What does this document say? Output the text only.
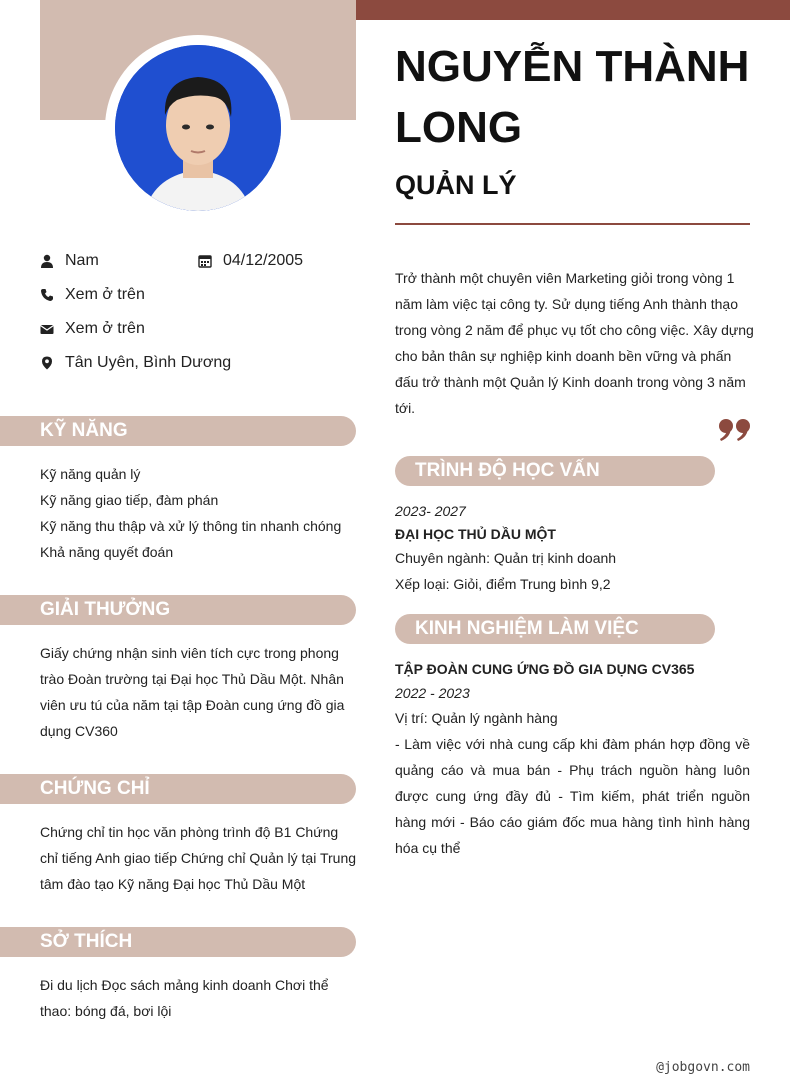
NGUYỄN THÀNH LONG
QUẢN LÝ
Nam	04/12/2005
Xem ở trên
Xem ở trên
Tân Uyên, Bình Dương
KỸ NĂNG
Kỹ năng quản lý
Kỹ năng giao tiếp, đàm phán
Kỹ năng thu thập và xử lý thông tin nhanh chóng
Khả năng quyết đoán
GIẢI THƯỞNG
Giấy chứng nhận sinh viên tích cực trong phong trào Đoàn trường tại Đại học Thủ Dầu Một. Nhân viên ưu tú của năm tại tập Đoàn cung ứng đồ gia dụng CV360
CHỨNG CHỈ
Chứng chỉ tin học văn phòng trình độ B1 Chứng chỉ tiếng Anh giao tiếp Chứng chỉ Quản lý tại Trung tâm đào tạo Kỹ năng Đại học Thủ Dầu Một
SỞ THÍCH
Đi du lịch Đọc sách mảng kinh doanh Chơi thể thao: bóng đá, bơi lội
Trở thành một chuyên viên Marketing giỏi trong vòng 1 năm làm việc tại công ty. Sử dụng tiếng Anh thành thạo trong vòng 2 năm để phục vụ tốt cho công việc. Xây dựng cho bản thân sự nghiệp kinh doanh bền vững và phấn đấu trở thành một Quản lý Kinh doanh trong vòng 3 năm tới.
TRÌNH ĐỘ HỌC VẤN
2023- 2027
ĐẠI HỌC THỦ DẦU MỘT
Chuyên ngành: Quản trị kinh doanh
Xếp loại: Giỏi, điểm Trung bình 9,2
KINH NGHIỆM LÀM VIỆC
TẬP ĐOÀN CUNG ỨNG ĐỒ GIA DỤNG CV365
2022 - 2023
Vị trí: Quản lý ngành hàng
- Làm việc với nhà cung cấp khi đàm phán hợp đồng về quảng cáo và mua bán - Phụ trách nguồn hàng luôn được cung ứng đầy đủ - Tìm kiếm, phát triển nguồn hàng mới - Báo cáo giám đốc mua hàng tình hình hàng hóa cụ thể
@jobgovn.com
